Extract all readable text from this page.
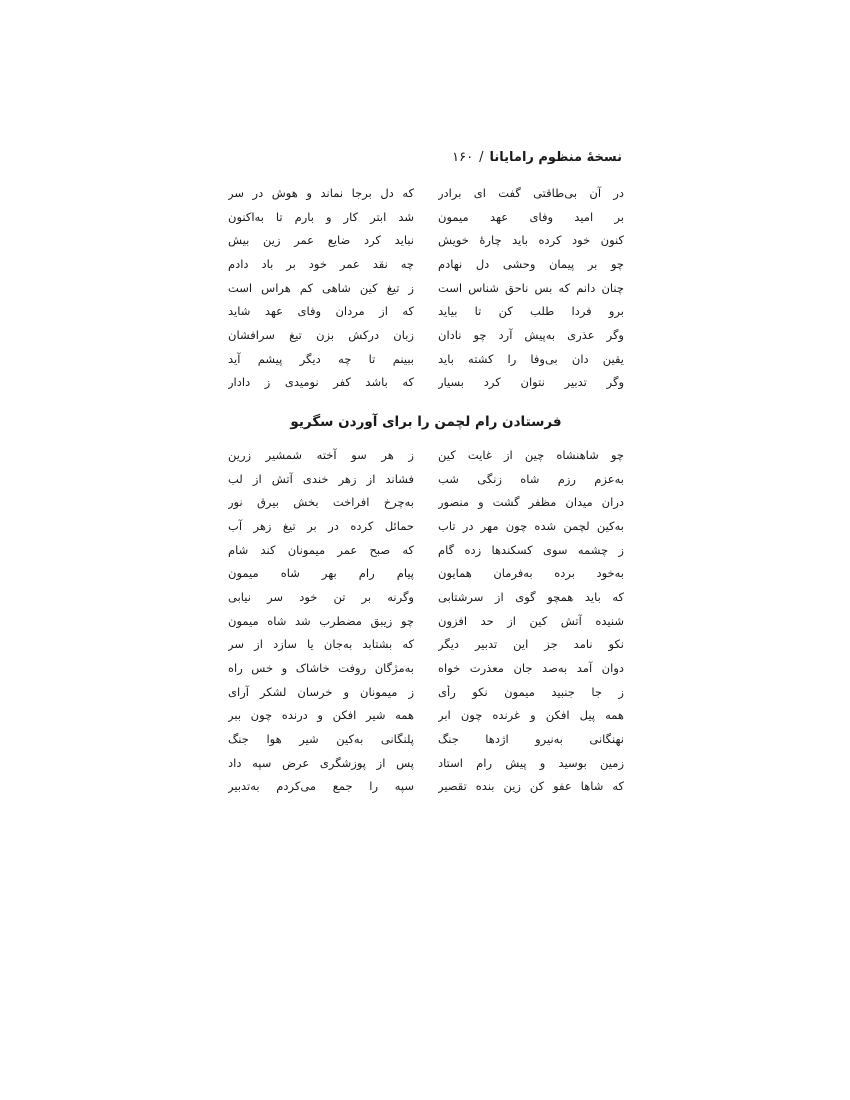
نسخهٔ منظوم رامایانا
/
۱۶۰
در آن بی‌طاقتی گفت ای برادر
که دل برجا نماند و هوش در سر
بر امید وفای عهد میمون
شد ابتر کار و بارم تا به‌اکنون
کنون خود کرده باید چارهٔ خویش
نباید کرد ضایع عمر زین بیش
چو بر پیمان وحشی دل نهادم
چه نقد عمر خود بر باد دادم
چنان دانم که بس ناحق شناس است
ز تیغ کین شاهی کم هراس است
برو فردا طلب کن تا بیاید
که از مردان وفای عهد شاید
وگر عذری به‌پیش آرد چو نادان
زبان درکش بزن تیغ سرافشان
یقین دان بی‌وفا را کشته باید
ببینم تا چه دیگر پیشم آید
وگر تدبیر نتوان کرد بسیار
که باشد کفر نومیدی ز دادار
فرستادن رام لچمن را برای آوردن سگریو
چو شاهنشاه چین از غایت کین
ز هر سو آخته شمشیر زرین
به‌عزم رزم شاه زنگی شب
فشاند از زهر خندی آتش از لب
دران میدان مظفر گشت و منصور
به‌چرخ افراخت بخش بیرق نور
به‌کین لچمن شده چون مهر در تاب
حمائل کرده در بر تیغ زهر آب
ز چشمه سوی کسکندها زده گام
که صبح عمر میمونان کند شام
به‌خود برده به‌فرمان همایون
پیام رام بهر شاه میمون
که باید همچو گوی از سرشتابی
وگرنه بر تن خود سر نیابی
شنیده آتش کین از حد افزون
چو زیبق مضطرب شد شاه میمون
نکو نامد جز این تدبیر دیگر
که بشتابد به‌جان یا سازد از سر
دوان آمد به‌صد جان معذرت خواه
به‌مژگان روفت خاشاک و خس راه
ز جا جنبید میمون نکو رأی
ز میمونان و خرسان لشکر آرای
همه پیل افکن و غرنده چون ابر
همه شیر افکن و درنده چون ببر
نهنگانی به‌نیرو اژدها جنگ
پلنگانی به‌کین شیر هوا جنگ
زمین بوسید و پیش رام استاد
پس از پوزشگری عرض سپه داد
که شاها عفو کن زین بنده تقصیر
سپه را جمع می‌کردم به‌تدبیر
